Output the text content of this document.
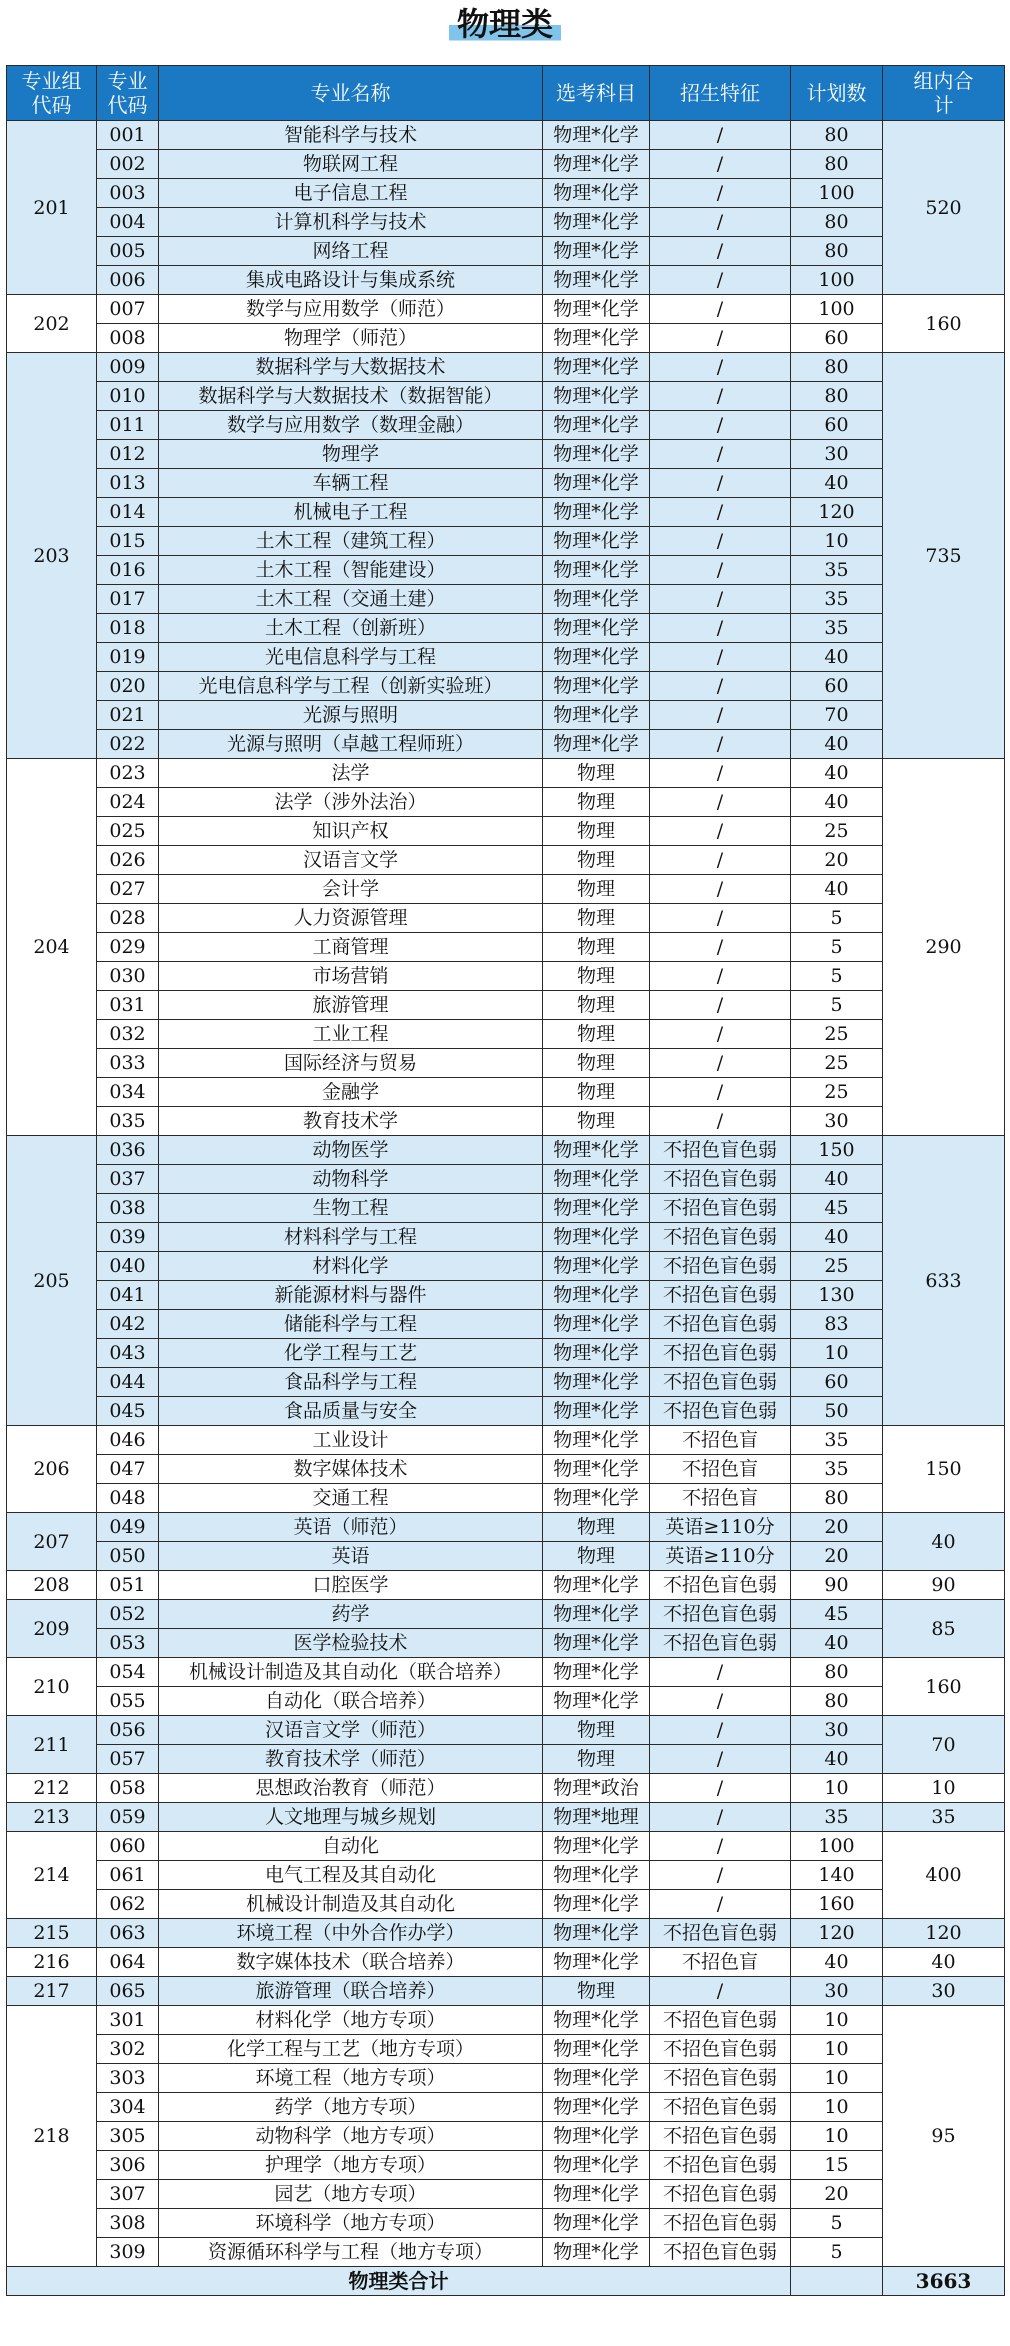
物理类
专业组代码	专业代码	专业名称	选考科目	招生特征	计划数	组内合计
201	001	智能科学与技术	物理*化学	/	80	520
	002	物联网工程	物理*化学	/	80	
	003	电子信息工程	物理*化学	/	100	
	004	计算机科学与技术	物理*化学	/	80	
	005	网络工程	物理*化学	/	80	
	006	集成电路设计与集成系统	物理*化学	/	100	
202	007	数学与应用数学（师范）	物理*化学	/	100	160
	008	物理学（师范）	物理*化学	/	60	
203	009	数据科学与大数据技术	物理*化学	/	80	735
	010	数据科学与大数据技术（数据智能）	物理*化学	/	80	
	011	数学与应用数学（数理金融）	物理*化学	/	60	
	012	物理学	物理*化学	/	30	
	013	车辆工程	物理*化学	/	40	
	014	机械电子工程	物理*化学	/	120	
	015	土木工程（建筑工程）	物理*化学	/	10	
	016	土木工程（智能建设）	物理*化学	/	35	
	017	土木工程（交通土建）	物理*化学	/	35	
	018	土木工程（创新班）	物理*化学	/	35	
	019	光电信息科学与工程	物理*化学	/	40	
	020	光电信息科学与工程（创新实验班）	物理*化学	/	60	
	021	光源与照明	物理*化学	/	70	
	022	光源与照明（卓越工程师班）	物理*化学	/	40	
204	023	法学	物理	/	40	290
	024	法学（涉外法治）	物理	/	40	
	025	知识产权	物理	/	25	
	026	汉语言文学	物理	/	20	
	027	会计学	物理	/	40	
	028	人力资源管理	物理	/	5	
	029	工商管理	物理	/	5	
	030	市场营销	物理	/	5	
	031	旅游管理	物理	/	5	
	032	工业工程	物理	/	25	
	033	国际经济与贸易	物理	/	25	
	034	金融学	物理	/	25	
	035	教育技术学	物理	/	30	
205	036	动物医学	物理*化学	不招色盲色弱	150	633
	037	动物科学	物理*化学	不招色盲色弱	40	
	038	生物工程	物理*化学	不招色盲色弱	45	
	039	材料科学与工程	物理*化学	不招色盲色弱	40	
	040	材料化学	物理*化学	不招色盲色弱	25	
	041	新能源材料与器件	物理*化学	不招色盲色弱	130	
	042	储能科学与工程	物理*化学	不招色盲色弱	83	
	043	化学工程与工艺	物理*化学	不招色盲色弱	10	
	044	食品科学与工程	物理*化学	不招色盲色弱	60	
	045	食品质量与安全	物理*化学	不招色盲色弱	50	
206	046	工业设计	物理*化学	不招色盲	35	150
	047	数字媒体技术	物理*化学	不招色盲	35	
	048	交通工程	物理*化学	不招色盲	80	
207	049	英语（师范）	物理	英语≥110分	20	40
	050	英语	物理	英语≥110分	20	
208	051	口腔医学	物理*化学	不招色盲色弱	90	90
209	052	药学	物理*化学	不招色盲色弱	45	85
	053	医学检验技术	物理*化学	不招色盲色弱	40	
210	054	机械设计制造及其自动化（联合培养）	物理*化学	/	80	160
	055	自动化（联合培养）	物理*化学	/	80	
211	056	汉语言文学（师范）	物理	/	30	70
	057	教育技术学（师范）	物理	/	40	
212	058	思想政治教育（师范）	物理*政治	/	10	10
213	059	人文地理与城乡规划	物理*地理	/	35	35
214	060	自动化	物理*化学	/	100	400
	061	电气工程及其自动化	物理*化学	/	140	
	062	机械设计制造及其自动化	物理*化学	/	160	
215	063	环境工程（中外合作办学）	物理*化学	不招色盲色弱	120	120
216	064	数字媒体技术（联合培养）	物理*化学	不招色盲	40	40
217	065	旅游管理（联合培养）	物理	/	30	30
218	301	材料化学（地方专项）	物理*化学	不招色盲色弱	10	95
	302	化学工程与工艺（地方专项）	物理*化学	不招色盲色弱	10	
	303	环境工程（地方专项）	物理*化学	不招色盲色弱	10	
	304	药学（地方专项）	物理*化学	不招色盲色弱	10	
	305	动物科学（地方专项）	物理*化学	不招色盲色弱	10	
	306	护理学（地方专项）	物理*化学	不招色盲色弱	15	
	307	园艺（地方专项）	物理*化学	不招色盲色弱	20	
	308	环境科学（地方专项）	物理*化学	不招色盲色弱	5	
	309	资源循环科学与工程（地方专项）	物理*化学	不招色盲色弱	5	
物理类合计						3663
